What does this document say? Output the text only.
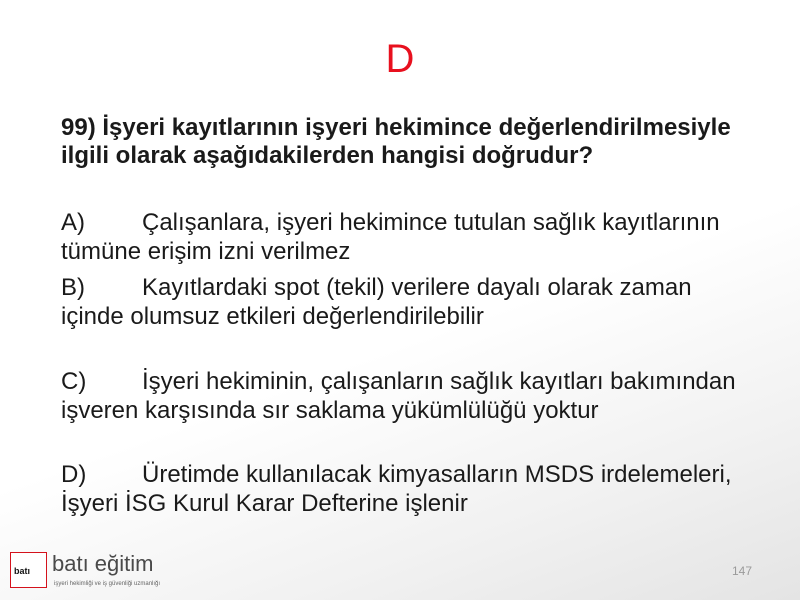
D
99) İşyeri kayıtlarının işyeri hekimince değerlendirilmesiyle ilgili olarak aşağıdakilerden hangisi doğrudur?
A) Çalışanlara, işyeri hekimince tutulan sağlık kayıtlarının tümüne erişim izni verilmez
B) Kayıtlardaki spot (tekil) verilere dayalı olarak zaman içinde olumsuz etkileri değerlendirilebilir
C) İşyeri hekiminin, çalışanların sağlık kayıtları bakımından işveren karşısında sır saklama yükümlülüğü yoktur
D) Üretimde kullanılacak kimyasalların MSDS irdelemeleri, İşyeri İSG Kurul Karar Defterine işlenir
batı batı eğitim
işyeri hekimliği ve iş güvenliği uzmanlığı
147
